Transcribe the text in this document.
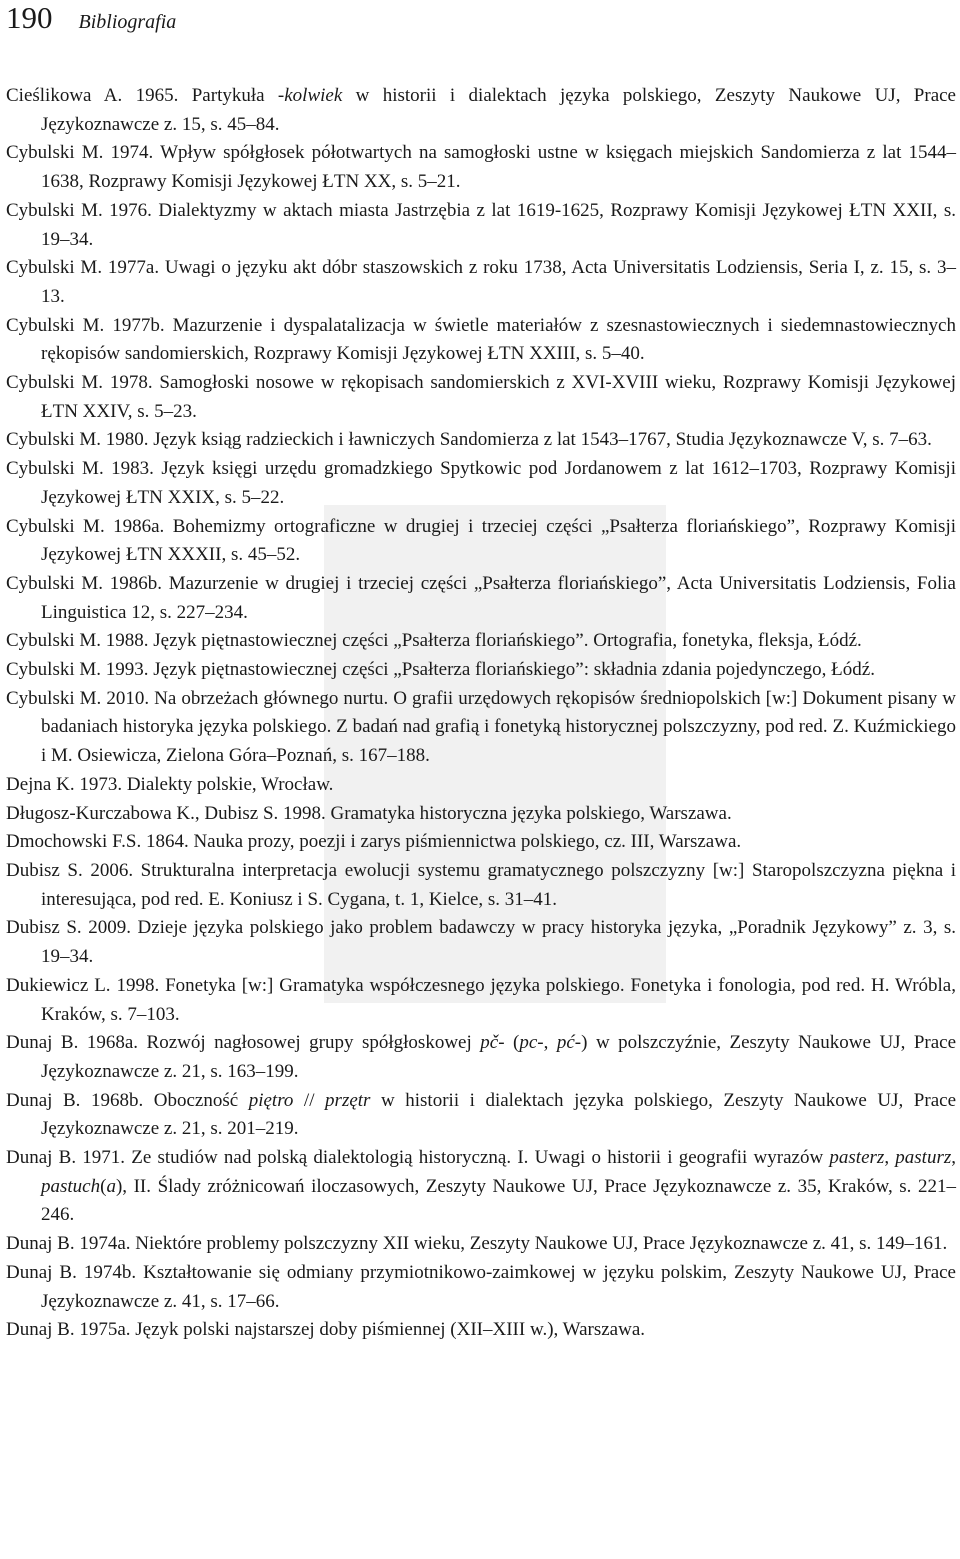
190 Bibliografia
Cieślikowa A. 1965. Partykuła -kolwiek w historii i dialektach języka polskiego, Zeszyty Naukowe UJ, Prace Językoznawcze z. 15, s. 45–84.
Cybulski M. 1974. Wpływ spółgłosek półotwartych na samogłoski ustne w księgach miejskich Sandomierza z lat 1544–1638, Rozprawy Komisji Językowej ŁTN XX, s. 5–21.
Cybulski M. 1976. Dialektyzmy w aktach miasta Jastrzębia z lat 1619-1625, Rozprawy Komisji Językowej ŁTN XXII, s. 19–34.
Cybulski M. 1977a. Uwagi o języku akt dóbr staszowskich z roku 1738, Acta Universitatis Lodziensis, Seria I, z. 15, s. 3–13.
Cybulski M. 1977b. Mazurzenie i dyspalatalizacja w świetle materiałów z szesnastowiecznych i siedemnastowiecznych rękopisów sandomierskich, Rozprawy Komisji Językowej ŁTN XXIII, s. 5–40.
Cybulski M. 1978. Samogłoski nosowe w rękopisach sandomierskich z XVI-XVIII wieku, Rozprawy Komisji Językowej ŁTN XXIV, s. 5–23.
Cybulski M. 1980. Język ksiąg radzieckich i ławniczych Sandomierza z lat 1543–1767, Studia Językoznawcze V, s. 7–63.
Cybulski M. 1983. Język księgi urzędu gromadzkiego Spytkowic pod Jordanowem z lat 1612–1703, Rozprawy Komisji Językowej ŁTN XXIX, s. 5–22.
Cybulski M. 1986a. Bohemizmy ortograficzne w drugiej i trzeciej części „Psałterza floriańskiego”, Rozprawy Komisji Językowej ŁTN XXXII, s. 45–52.
Cybulski M. 1986b. Mazurzenie w drugiej i trzeciej części „Psałterza floriańskiego”, Acta Universitatis Lodziensis, Folia Linguistica 12, s. 227–234.
Cybulski M. 1988. Język piętnastowiecznej części „Psałterza floriańskiego”. Ortografia, fonetyka, fleksja, Łódź.
Cybulski M. 1993. Język piętnastowiecznej części „Psałterza floriańskiego”: składnia zdania pojedynczego, Łódź.
Cybulski M. 2010. Na obrzeżach głównego nurtu. O grafii urzędowych rękopisów średniopolskich [w:] Dokument pisany w badaniach historyka języka polskiego. Z badań nad grafią i fonetyką historycznej polszczyzny, pod red. Z. Kuźmickiego i M. Osiewicza, Zielona Góra–Poznań, s. 167–188.
Dejna K. 1973. Dialekty polskie, Wrocław.
Długosz-Kurczabowa K., Dubisz S. 1998. Gramatyka historyczna języka polskiego, Warszawa.
Dmochowski F.S. 1864. Nauka prozy, poezji i zarys piśmiennictwa polskiego, cz. III, Warszawa.
Dubisz S. 2006. Strukturalna interpretacja ewolucji systemu gramatycznego polszczyzny [w:] Staropolszczyzna piękna i interesująca, pod red. E. Koniusz i S. Cygana, t. 1, Kielce, s. 31–41.
Dubisz S. 2009. Dzieje języka polskiego jako problem badawczy w pracy historyka języka, „Poradnik Językowy” z. 3, s. 19–34.
Dukiewicz L. 1998. Fonetyka [w:] Gramatyka współczesnego języka polskiego. Fonetyka i fonologia, pod red. H. Wróbla, Kraków, s. 7–103.
Dunaj B. 1968a. Rozwój nagłosowej grupy spółgłoskowej pč- (pc-, pć-) w polszczyźnie, Zeszyty Naukowe UJ, Prace Językoznawcze z. 21, s. 163–199.
Dunaj B. 1968b. Oboczność piętro // przętr w historii i dialektach języka polskiego, Zeszyty Naukowe UJ, Prace Językoznawcze z. 21, s. 201–219.
Dunaj B. 1971. Ze studiów nad polską dialektologią historyczną. I. Uwagi o historii i geografii wyrazów pasterz, pasturz, pastuch(a), II. Ślady zróżnicowań iloczasowych, Zeszyty Naukowe UJ, Prace Językoznawcze z. 35, Kraków, s. 221–246.
Dunaj B. 1974a. Niektóre problemy polszczyzny XII wieku, Zeszyty Naukowe UJ, Prace Językoznawcze z. 41, s. 149–161.
Dunaj B. 1974b. Kształtowanie się odmiany przymiotnikowo-zaimkowej w języku polskim, Zeszyty Naukowe UJ, Prace Językoznawcze z. 41, s. 17–66.
Dunaj B. 1975a. Język polski najstarszej doby piśmiennej (XII–XIII w.), Warszawa.
